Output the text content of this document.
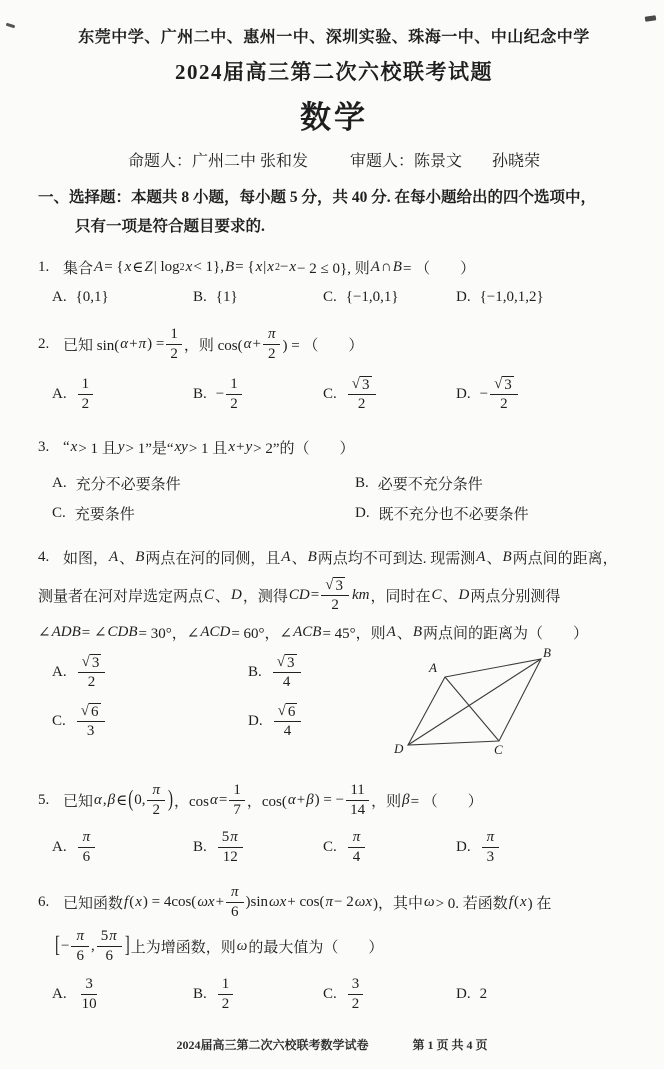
东莞中学、广州二中、惠州一中、深圳实验、珠海一中、中山纪念中学
2024届高三第二次六校联考试题
数学
命题人：广州二中 张和发	审题人：陈景文 孙晓荣
一、选择题：本题共 8 小题，每小题 5 分，共 40 分. 在每小题给出的四个选项中，
只有一项是符合题目要求的.
1. 集合 A = { x ∈ Z | log 2 x < 1}, B = { x | x 2 − x − 2 ≤ 0}, 则 A ∩ B = （　　）
A. {0,1}	B. {1}	C. {−1,0,1}	D. {−1,0,1,2}
2. 已知 sin( α + π ) = $\frac{1}{2}$ ，则 cos( $\alpha + \frac{\pi}{2}$ ) = （　　）
A. $\frac{1}{2}$	B. − $\frac{1}{2}$	C. $\frac{√ 3}{2}$	D. − $\frac{√ 3}{2}$
3. “ x > 1 且 y > 1”是“ xy > 1 且 x + y > 2”的（　　）
A. 充分不必要条件	B. 必要不充分条件
C. 充要条件	D. 既不充分也不必要条件
4. 如图， A 、 B 两点在河的同侧，且 A 、 B 两点均不可到达. 现需测 A 、 B 两点间的距离，
测量者在河对岸选定两点 C 、 D ，测得 CD = $\frac{√ 3}{2}$ km ，同时在 C 、 D 两点分别测得
∠ ADB = ∠ CDB = 30°，∠ ACD = 60°，∠ ACB = 45°，则 A 、 B 两点间的距离为（　　）
A. $\frac{√ 3}{2}$	B. $\frac{√ 3}{4}$
C. $\frac{√ 6}{3}$	D. $\frac{√ 6}{4}$
A
B
C
D
5. 已知 α , β ∈ ( 0, $\frac{\pi}{2}$ ) ，$\cos \alpha = \frac{1}{7}$ ，cos( α + β ) = − $\frac{11}{14}$ ，则 β = （　　）
A. $\frac{\pi}{6}$	B. $\frac{5\pi}{12}$	C. $\frac{\pi}{4}$	D. $\frac{\pi}{3}$
6. 已知函数 f ( x ) = 4cos( $\omega x + \frac{\pi}{6} )\sin$ ωx + cos( π − 2 ωx )，其中 ω > 0. 若函数 f ( x ) 在
[ − $\frac{\pi}{6}$ , $\frac{5\pi}{6}$ ] 上为增函数，则 ω 的最大值为（　　）
A. $\frac{3}{10}$	B. $\frac{1}{2}$	C. $\frac{3}{2}$	D. 2
2024届高三第二次六校联考数学试卷	第 1 页 共 4 页
